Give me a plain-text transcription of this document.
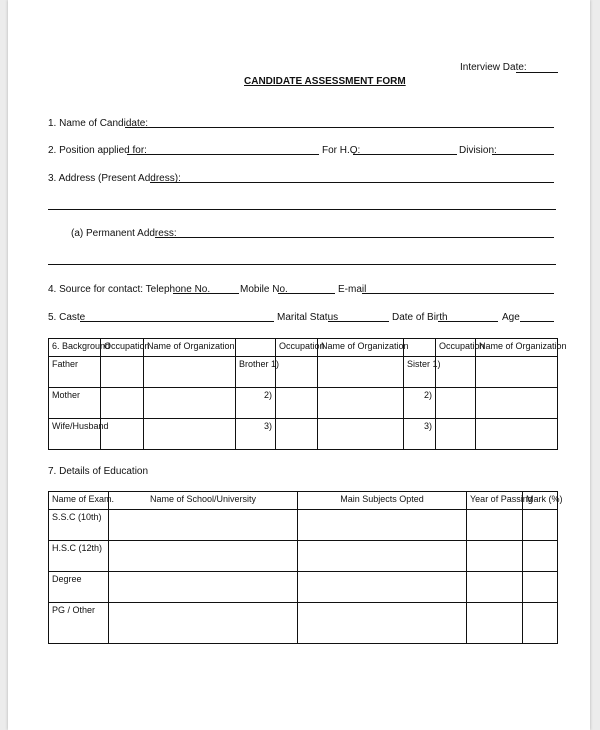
Interview Date:
CANDIDATE ASSESSMENT FORM
1. Name of Candidate:
2. Position applied for:	For H.Q:	Division:
3. Address (Present Address):
(a) Permanent Address:
4. Source for contact: Telephone No.	Mobile No.	E-mail
5. Caste	Marital Status	Date of Birth	Age
6. Background	Occupation	Name of Organization		Occupation	Name of Organization		Occupation	Name of Organization
Father			Brother 1)			Sister 1)		
Mother			2)			2)		
Wife/Husband			3)			3)		
7. Details of Education
Name of Exam.	Name of School/University	Main Subjects Opted	Year of Passing	Mark (%)
S.S.C (10th)				
H.S.C (12th)				
Degree				
PG / Other				
